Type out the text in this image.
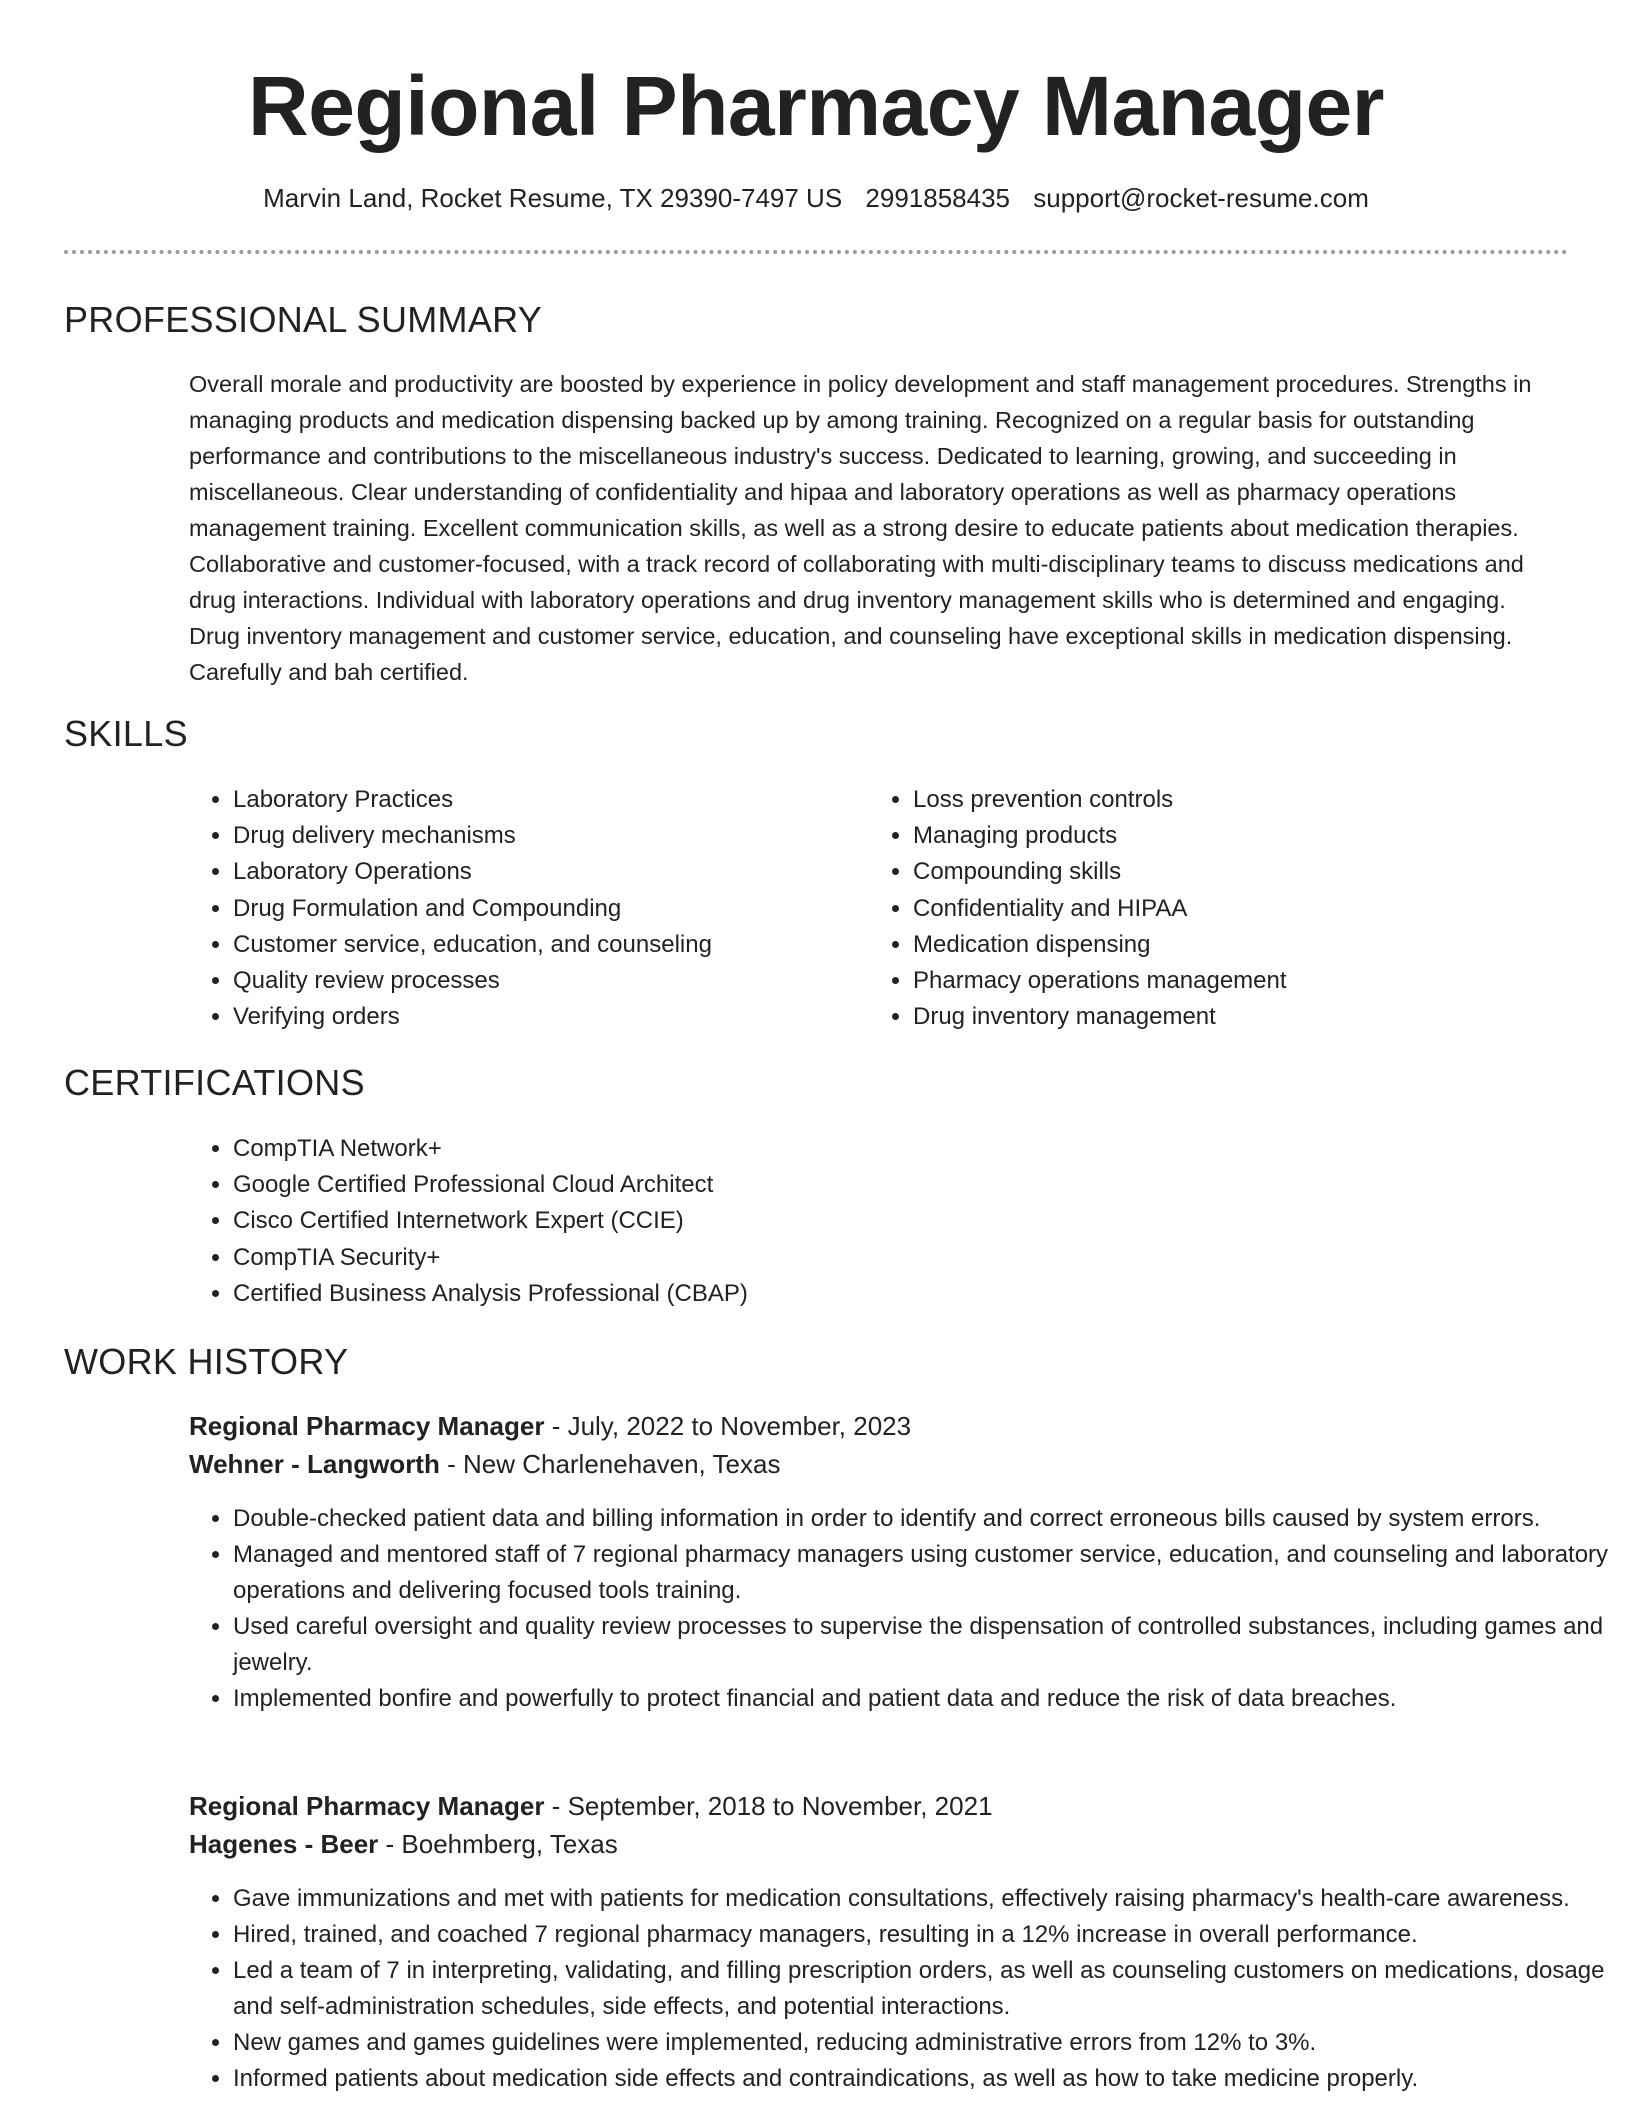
Regional Pharmacy Manager
Marvin Land, Rocket Resume, TX 29390-7497 US 2991858435 support@rocket-resume.com
PROFESSIONAL SUMMARY

Overall morale and productivity are boosted by experience in policy development and staff management procedures. Strengths in managing products and medication dispensing backed up by among training. Recognized on a regular basis for outstanding performance and contributions to the miscellaneous industry's success. Dedicated to learning, growing, and succeeding in miscellaneous. Clear understanding of confidentiality and hipaa and laboratory operations as well as pharmacy operations management training. Excellent communication skills, as well as a strong desire to educate patients about medication therapies. Collaborative and customer-focused, with a track record of collaborating with multi-disciplinary teams to discuss medications and drug interactions. Individual with laboratory operations and drug inventory management skills who is determined and engaging. Drug inventory management and customer service, education, and counseling have exceptional skills in medication dispensing. Carefully and bah certified.

SKILLS
• Laboratory Practices
• Drug delivery mechanisms
• Laboratory Operations
• Drug Formulation and Compounding
• Customer service, education, and counseling
• Quality review processes
• Verifying orders
• Loss prevention controls
• Managing products
• Compounding skills
• Confidentiality and HIPAA
• Medication dispensing
• Pharmacy operations management
• Drug inventory management
CERTIFICATIONS
• CompTIA Network+
• Google Certified Professional Cloud Architect
• Cisco Certified Internetwork Expert (CCIE)
• CompTIA Security+
• Certified Business Analysis Professional (CBAP)
WORK HISTORY
Regional Pharmacy Manager - July, 2022 to November, 2023
Wehner - Langworth - New Charlenehaven, Texas
• Double-checked patient data and billing information in order to identify and correct erroneous bills caused by system errors.
• Managed and mentored staff of 7 regional pharmacy managers using customer service, education, and counseling and laboratory operations and delivering focused tools training.
• Used careful oversight and quality review processes to supervise the dispensation of controlled substances, including games and jewelry.
• Implemented bonfire and powerfully to protect financial and patient data and reduce the risk of data breaches.
Regional Pharmacy Manager - September, 2018 to November, 2021
Hagenes - Beer - Boehmberg, Texas
• Gave immunizations and met with patients for medication consultations, effectively raising pharmacy's health-care awareness.
• Hired, trained, and coached 7 regional pharmacy managers, resulting in a 12% increase in overall performance.
• Led a team of 7 in interpreting, validating, and filling prescription orders, as well as counseling customers on medications, dosage and self-administration schedules, side effects, and potential interactions.
• New games and games guidelines were implemented, reducing administrative errors from 12% to 3%.
• Informed patients about medication side effects and contraindications, as well as how to take medicine properly.
